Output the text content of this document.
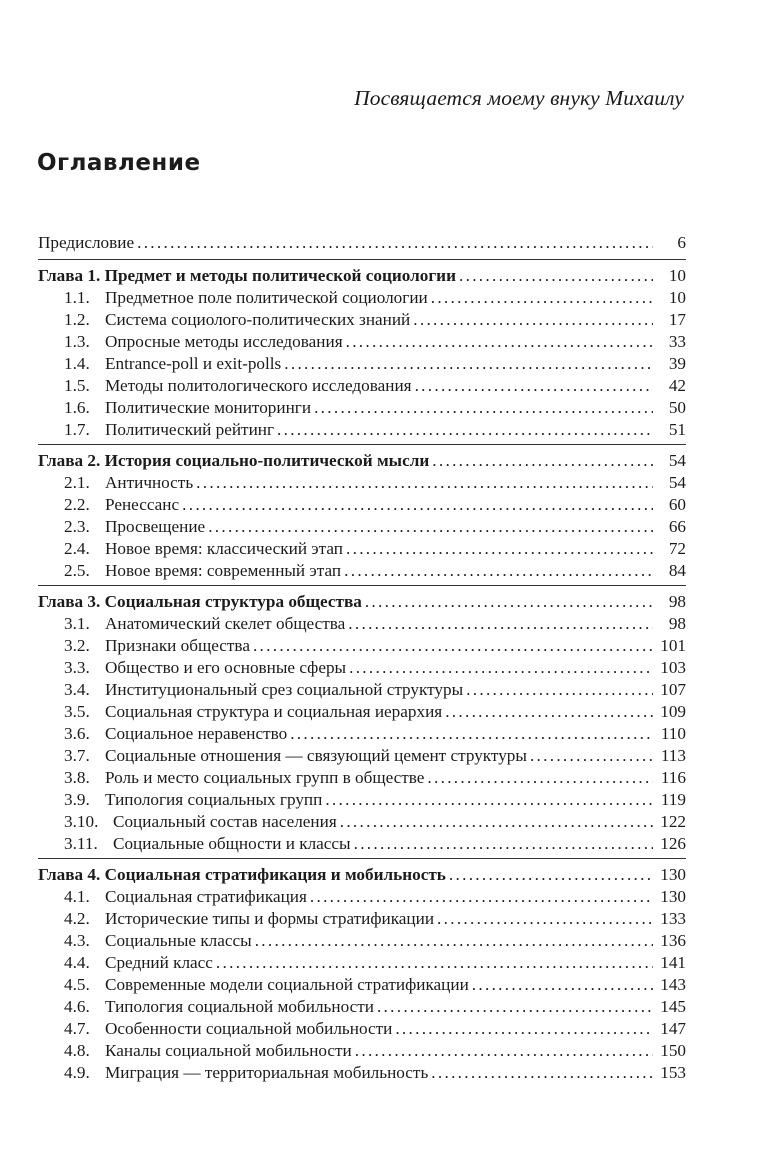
Посвящается моему внуку Михаилу
Оглавление
Предисловие . . .	6
Глава 1. Предмет и методы политической социологии . . .	10
1.1. Предметное поле политической социологии . . .	10
1.2. Система социолого-политических знаний . . .	17
1.3. Опросные методы исследования . . .	33
1.4. Entrance-poll и exit-polls . . .	39
1.5. Методы политологического исследования . . .	42
1.6. Политические мониторинги . . .	50
1.7. Политический рейтинг . . .	51
Глава 2. История социально-политической мысли . . .	54
2.1. Античность . . .	54
2.2. Ренессанс . . .	60
2.3. Просвещение . . .	66
2.4. Новое время: классический этап . . .	72
2.5. Новое время: современный этап . . .	84
Глава 3. Социальная структура общества . . .	98
3.1. Анатомический скелет общества . . .	98
3.2. Признаки общества . . .	101
3.3. Общество и его основные сферы . . .	103
3.4. Институциональный срез социальной структуры . . .	107
3.5. Социальная структура и социальная иерархия . . .	109
3.6. Социальное неравенство . . .	110
3.7. Социальные отношения — связующий цемент структуры . . .	113
3.8. Роль и место социальных групп в обществе . . .	116
3.9. Типология социальных групп . . .	119
3.10. Социальный состав населения . . .	122
3.11. Социальные общности и классы . . .	126
Глава 4. Социальная стратификация и мобильность . . .	130
4.1. Социальная стратификация . . .	130
4.2. Исторические типы и формы стратификации . . .	133
4.3. Социальные классы . . .	136
4.4. Средний класс . . .	141
4.5. Современные модели социальной стратификации . . .	143
4.6. Типология социальной мобильности . . .	145
4.7. Особенности социальной мобильности . . .	147
4.8. Каналы социальной мобильности . . .	150
4.9. Миграция — территориальная мобильность . . .	153
